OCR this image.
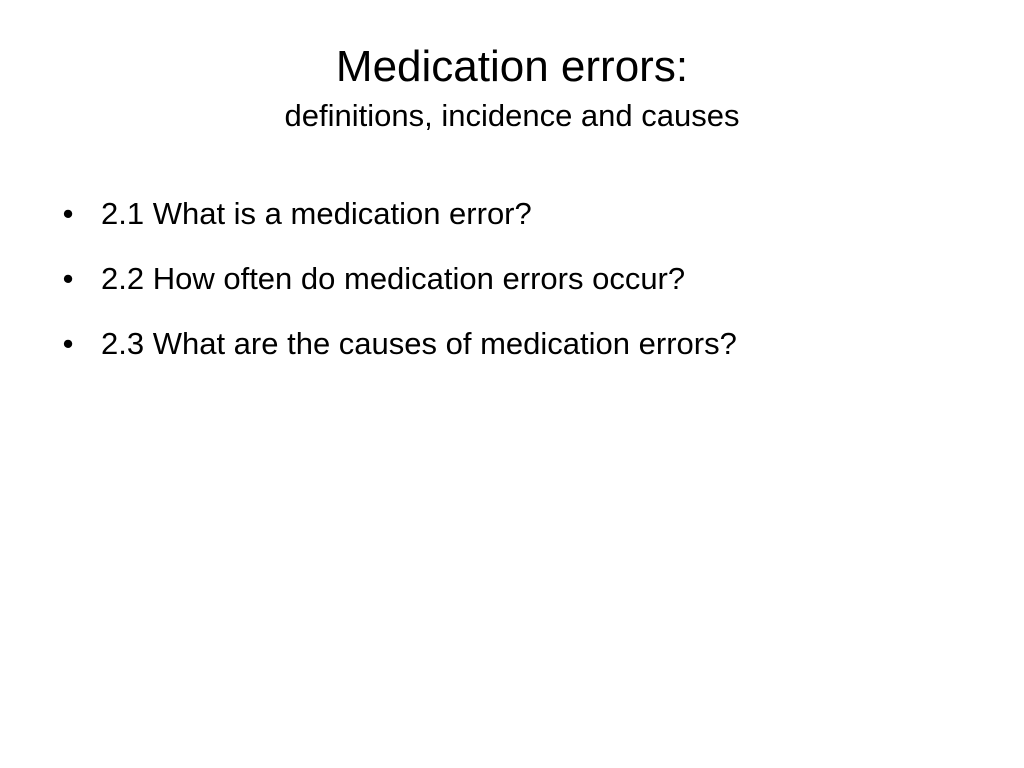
Medication errors:
definitions, incidence and causes
• 2.1 What is a medication error?
• 2.2 How often do medication errors occur?
• 2.3 What are the causes of medication errors?
